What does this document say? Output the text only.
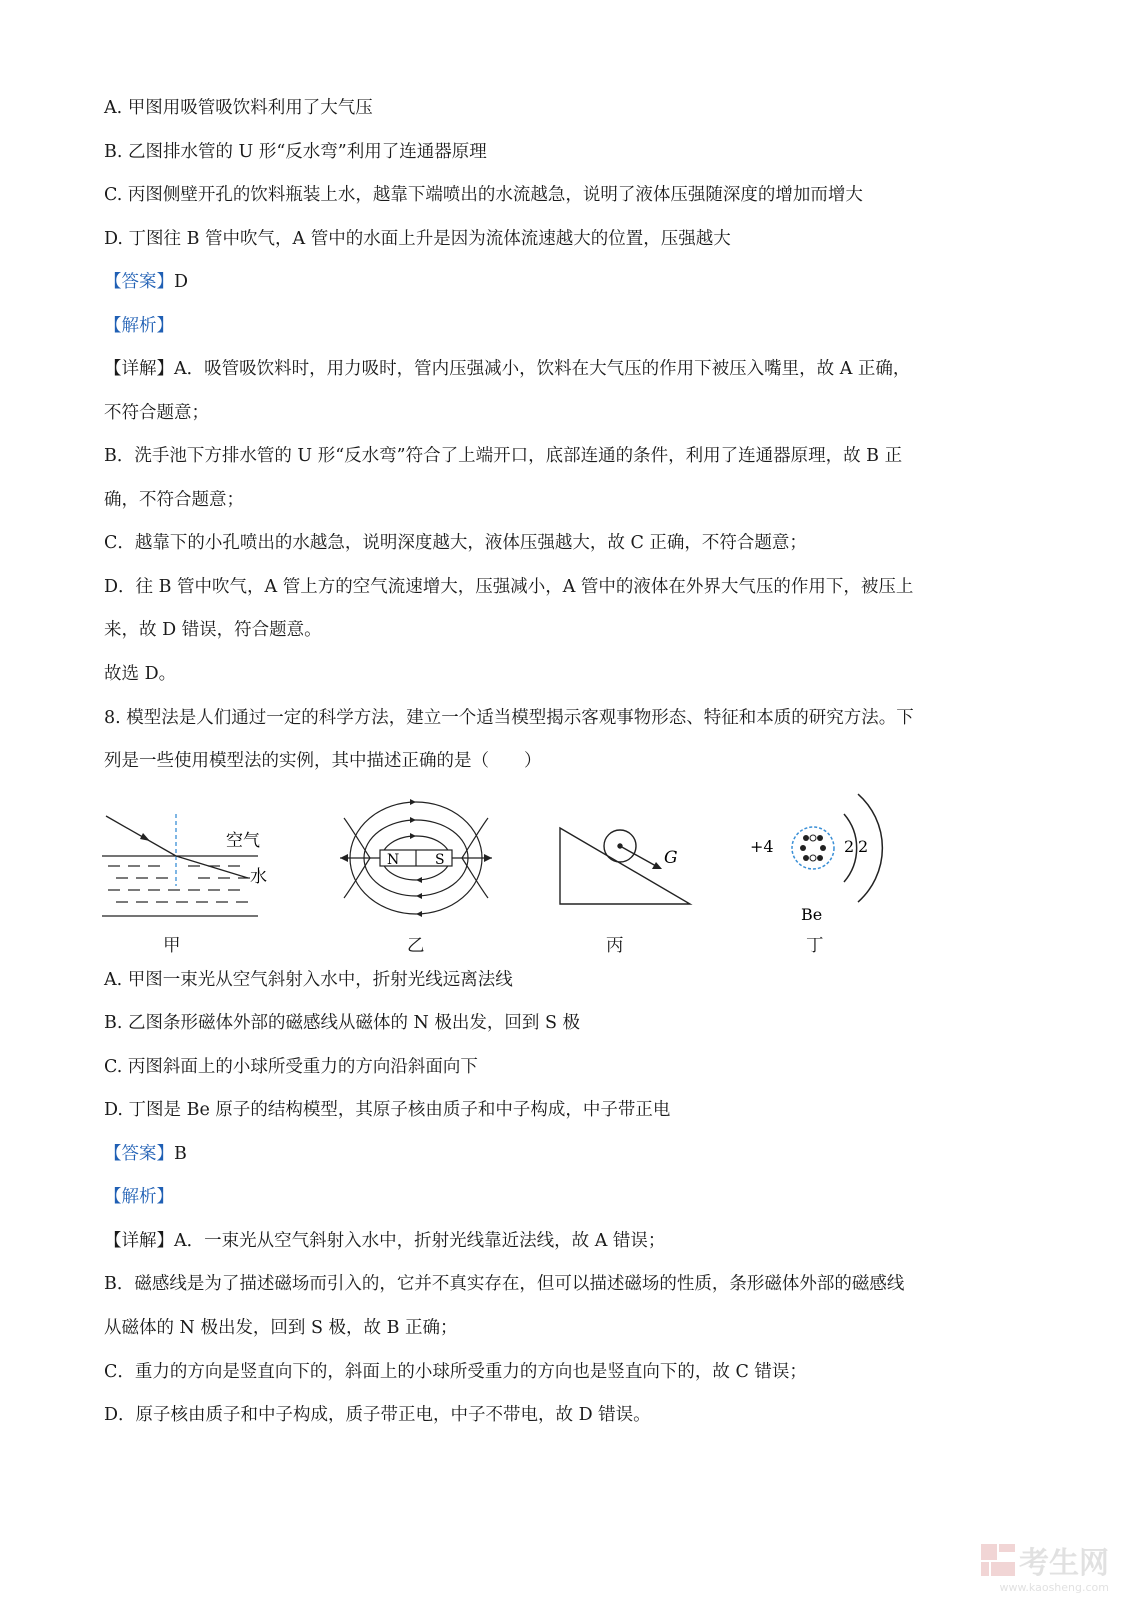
A. 甲图用吸管吸饮料利用了大气压
B. 乙图排水管的 U 形“反水弯”利用了连通器原理
C. 丙图侧壁开孔的饮料瓶装上水，越靠下端喷出的水流越急，说明了液体压强随深度的增加而增大
D. 丁图往 B 管中吹气，A 管中的水面上升是因为流体流速越大的位置，压强越大
【答案】D
【解析】
【详解】A．吸管吸饮料时，用力吸时，管内压强减小，饮料在大气压的作用下被压入嘴里，故 A 正确，
不符合题意；
B．洗手池下方排水管的 U 形“反水弯”符合了上端开口，底部连通的条件，利用了连通器原理，故 B 正
确，不符合题意；
C．越靠下的小孔喷出的水越急，说明深度越大，液体压强越大，故 C 正确，不符合题意；
D．往 B 管中吹气，A 管上方的空气流速增大，压强减小，A 管中的液体在外界大气压的作用下，被压上
来，故 D 错误，符合题意。
故选 D。
8. 模型法是人们通过一定的科学方法，建立一个适当模型揭示客观事物形态、特征和本质的研究方法。下
列是一些使用模型法的实例，其中描述正确的是（　　）
空气
水
甲
N	S
乙
G
丙
+4	2 2
Be
丁
A. 甲图一束光从空气斜射入水中，折射光线远离法线
B. 乙图条形磁体外部的磁感线从磁体的 N 极出发，回到 S 极
C. 丙图斜面上的小球所受重力的方向沿斜面向下
D. 丁图是 Be 原子的结构模型，其原子核由质子和中子构成，中子带正电
【答案】B
【解析】
【详解】A．一束光从空气斜射入水中，折射光线靠近法线，故 A 错误；
B．磁感线是为了描述磁场而引入的，它并不真实存在，但可以描述磁场的性质，条形磁体外部的磁感线
从磁体的 N 极出发，回到 S 极，故 B 正确；
C．重力的方向是竖直向下的，斜面上的小球所受重力的方向也是竖直向下的，故 C 错误；
D．原子核由质子和中子构成，质子带正电，中子不带电，故 D 错误。
考生网
www.kaosheng.com
